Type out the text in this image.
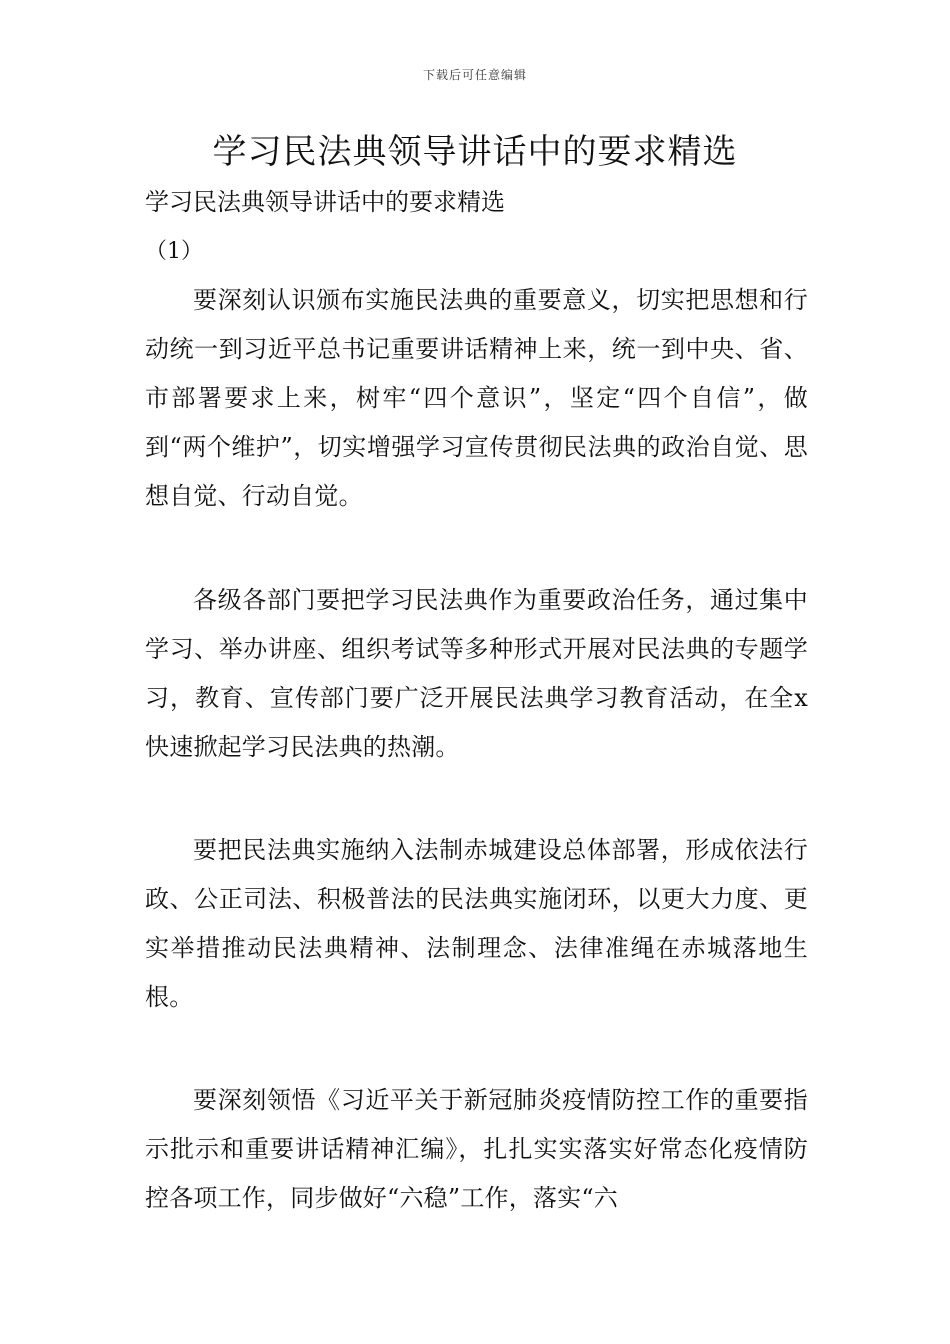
下载后可任意编辑
学习民法典领导讲话中的要求精选

学习民法典领导讲话中的要求精选

（1）

要深刻认识颁布实施民法典的重要意义，切实把思想和行动统一到习近平总书记重要讲话精神上来，统一到中央、省、市部署要求上来，树牢“四个意识”，坚定“四个自信”，做到“两个维护”，切实增强学习宣传贯彻民法典的政治自觉、思想自觉、行动自觉。

各级各部门要把学习民法典作为重要政治任务，通过集中学习、举办讲座、组织考试等多种形式开展对民法典的专题学习，教育、宣传部门要广泛开展民法典学习教育活动，在全x快速掀起学习民法典的热潮。

要把民法典实施纳入法制赤城建设总体部署，形成依法行政、公正司法、积极普法的民法典实施闭环，以更大力度、更实举措推动民法典精神、法制理念、法律准绳在赤城落地生根。

要深刻领悟《习近平关于新冠肺炎疫情防控工作的重要指示批示和重要讲话精神汇编》，扎扎实实落实好常态化疫情防控各项工作，同步做好“六稳”工作，落实“六
